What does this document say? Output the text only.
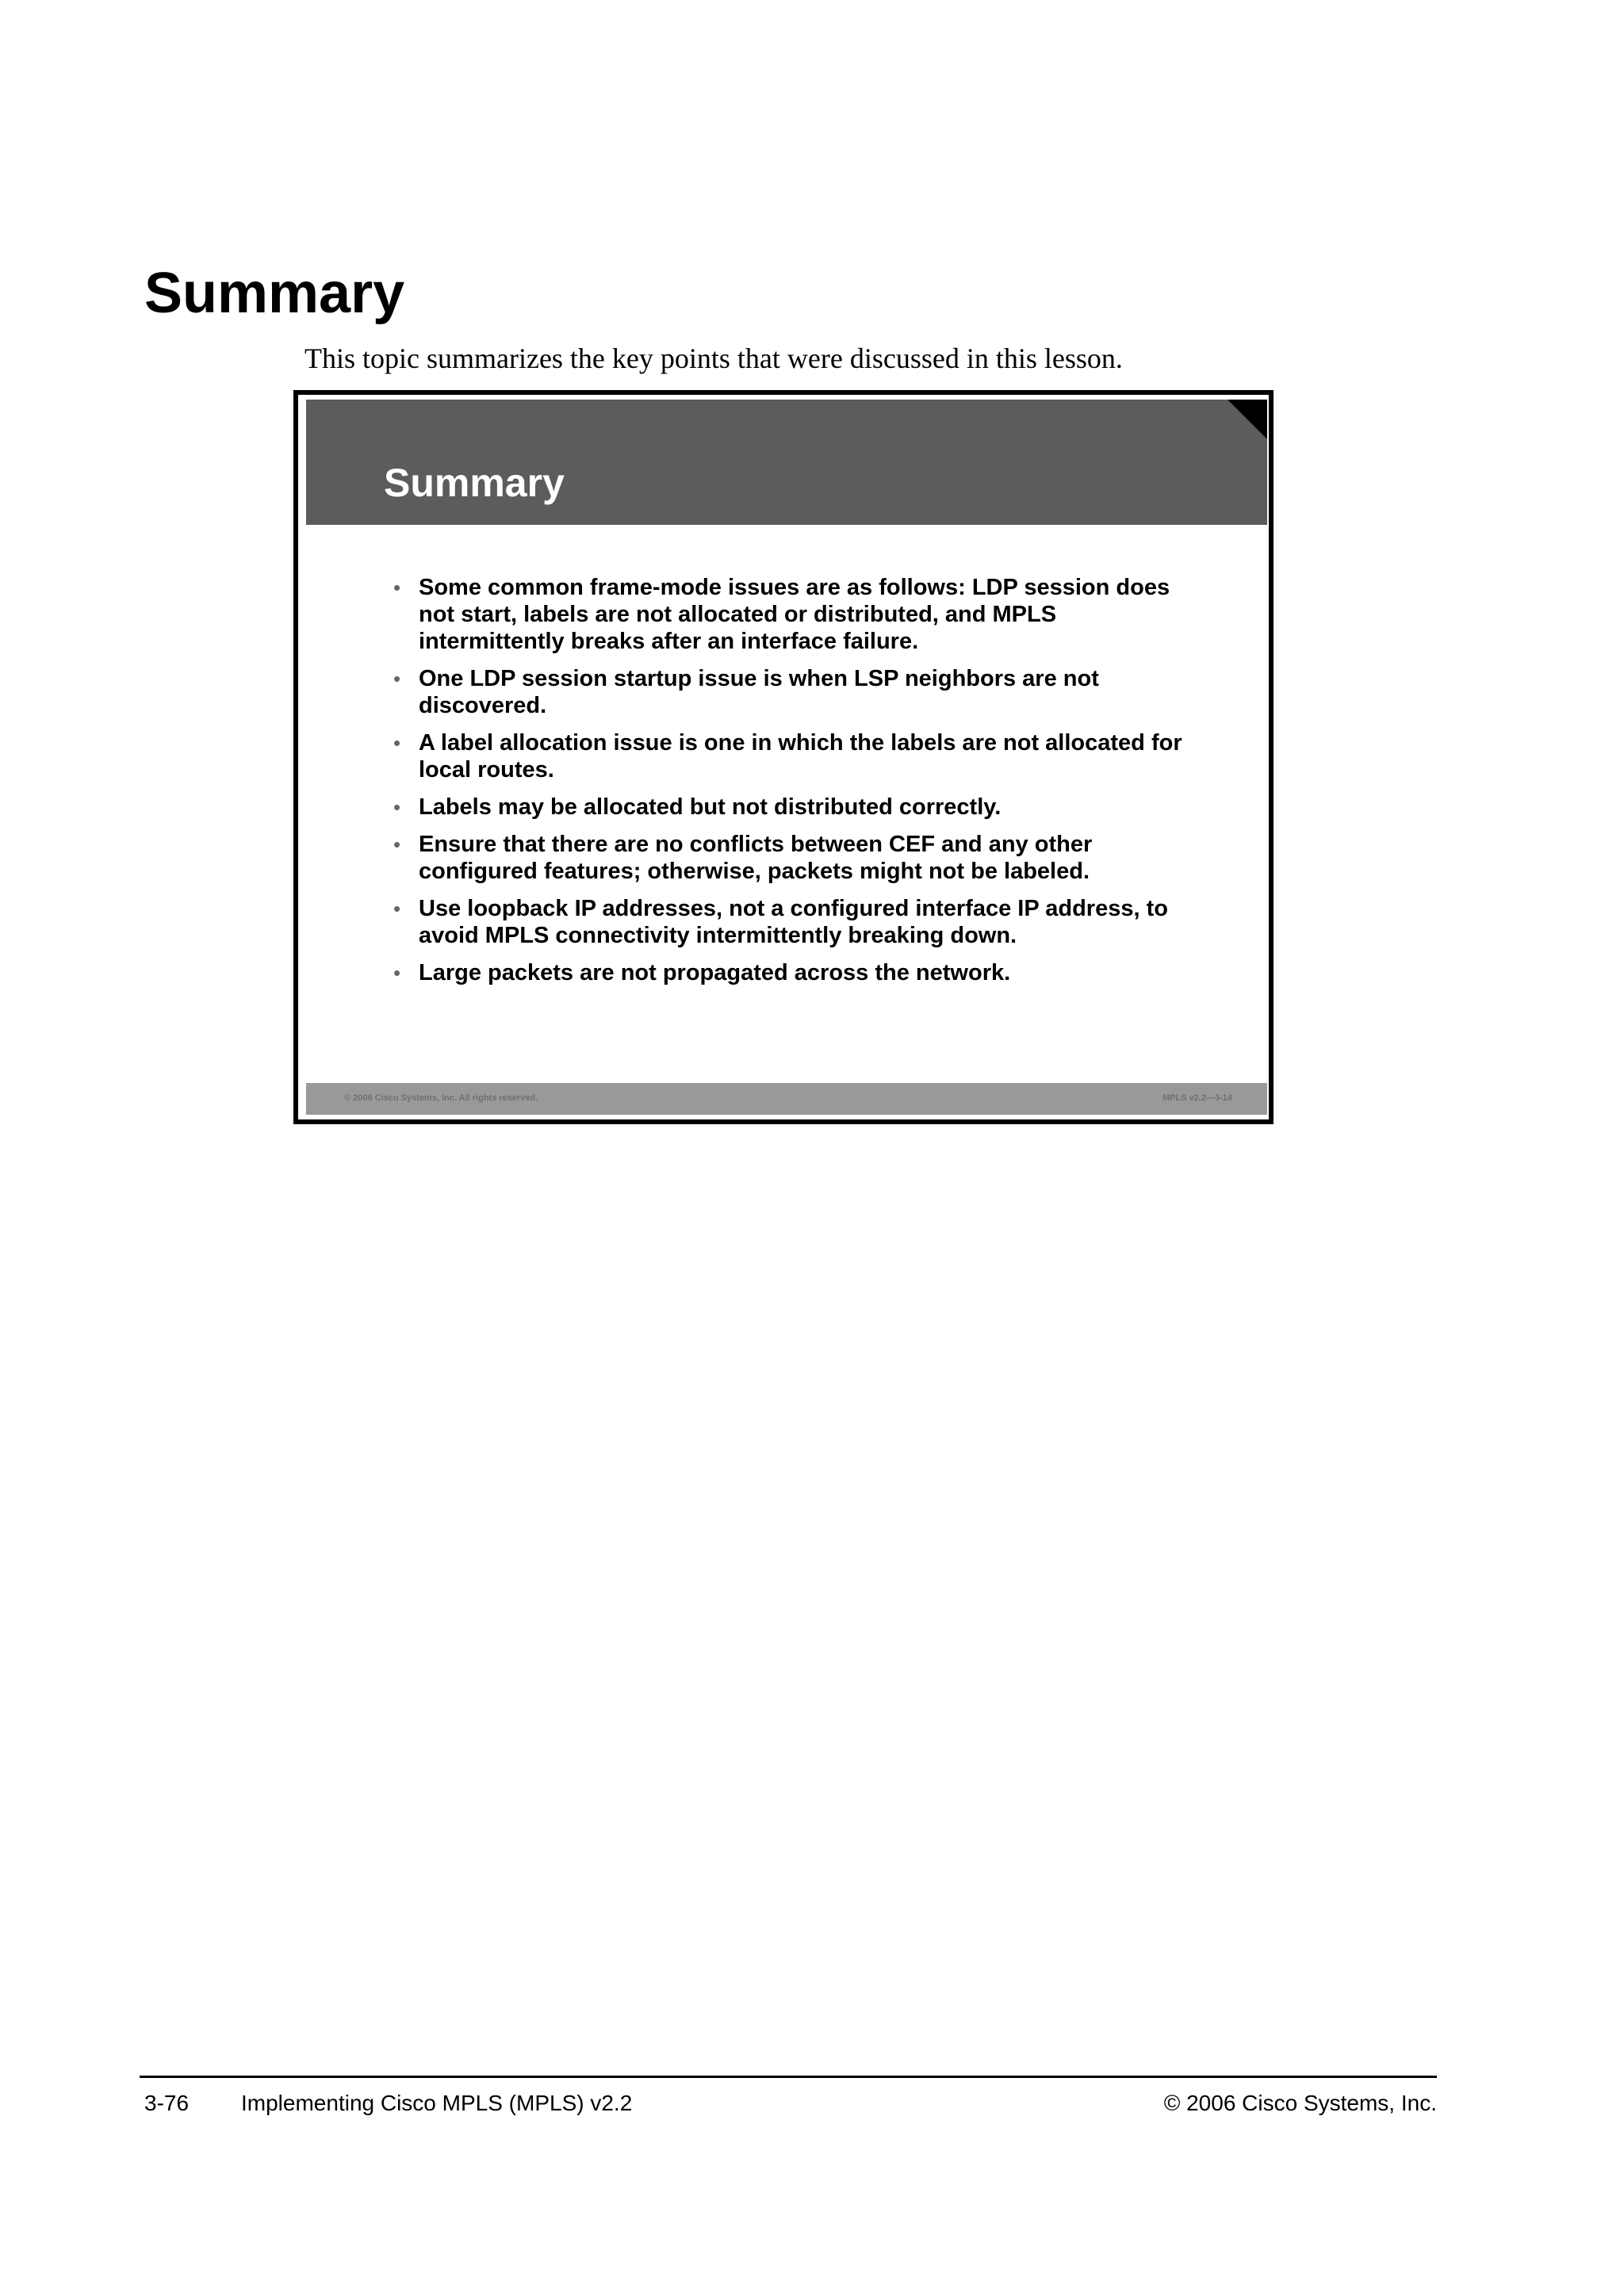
Summary

This topic summarizes the key points that were discussed in this lesson.

Summary
• Some common frame-mode issues are as follows: LDP session does not start, labels are not allocated or distributed, and MPLS intermittently breaks after an interface failure.
• One LDP session startup issue is when LSP neighbors are not discovered.
• A label allocation issue is one in which the labels are not allocated for local routes.
• Labels may be allocated but not distributed correctly.
• Ensure that there are no conflicts between CEF and any other configured features; otherwise, packets might not be labeled.
• Use loopback IP addresses, not a configured interface IP address, to avoid MPLS connectivity intermittently breaking down.
• Large packets are not propagated across the network.
© 2006 Cisco Systems, Inc. All rights reserved.	MPLS v2.2—3-14
3-76 Implementing Cisco MPLS (MPLS) v2.2	© 2006 Cisco Systems, Inc.
